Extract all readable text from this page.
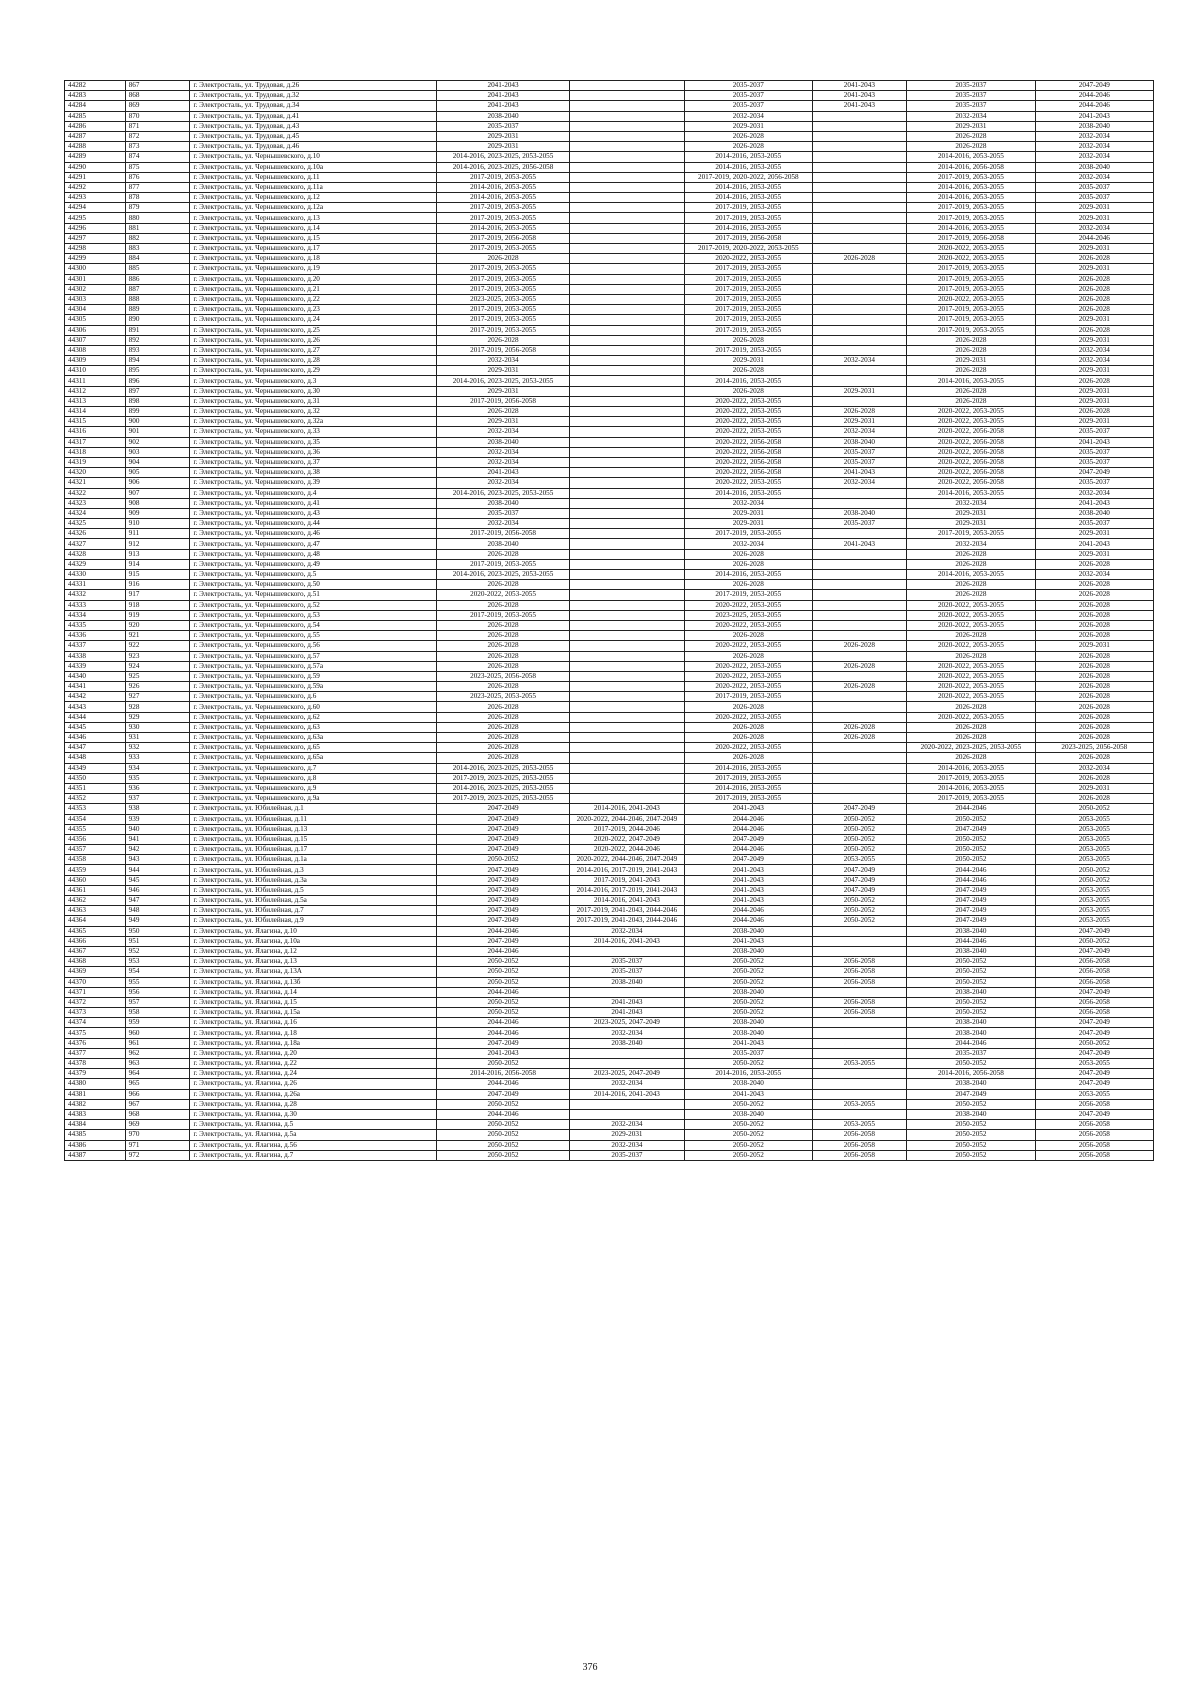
44282	867	г. Электросталь, ул. Трудовая, д.26	2041-2043		2035-2037	2041-2043	2035-2037	2047-2049
44283	868	г. Электросталь, ул. Трудовая, д.32	2041-2043		2035-2037	2041-2043	2035-2037	2044-2046
44284	869	г. Электросталь, ул. Трудовая, д.34	2041-2043		2035-2037	2041-2043	2035-2037	2044-2046
44285	870	г. Электросталь, ул. Трудовая, д.41	2038-2040		2032-2034		2032-2034	2041-2043
44286	871	г. Электросталь, ул. Трудовая, д.43	2035-2037		2029-2031		2029-2031	2038-2040
44287	872	г. Электросталь, ул. Трудовая, д.45	2029-2031		2026-2028		2026-2028	2032-2034
44288	873	г. Электросталь, ул. Трудовая, д.46	2029-2031		2026-2028		2026-2028	2032-2034
44289	874	г. Электросталь, ул. Чернышевского, д.10	2014-2016, 2023-2025, 2053-2055		2014-2016, 2053-2055		2014-2016, 2053-2055	2032-2034
44290	875	г. Электросталь, ул. Чернышевского, д.10а	2014-2016, 2023-2025, 2056-2058		2014-2016, 2053-2055		2014-2016, 2056-2058	2038-2040
44291	876	г. Электросталь, ул. Чернышевского, д.11	2017-2019, 2053-2055		2017-2019, 2020-2022, 2056-2058		2017-2019, 2053-2055	2032-2034
44292	877	г. Электросталь, ул. Чернышевского, д.11а	2014-2016, 2053-2055		2014-2016, 2053-2055		2014-2016, 2053-2055	2035-2037
44293	878	г. Электросталь, ул. Чернышевского, д.12	2014-2016, 2053-2055		2014-2016, 2053-2055		2014-2016, 2053-2055	2035-2037
44294	879	г. Электросталь, ул. Чернышевского, д.12а	2017-2019, 2053-2055		2017-2019, 2053-2055		2017-2019, 2053-2055	2029-2031
44295	880	г. Электросталь, ул. Чернышевского, д.13	2017-2019, 2053-2055		2017-2019, 2053-2055		2017-2019, 2053-2055	2029-2031
44296	881	г. Электросталь, ул. Чернышевского, д.14	2014-2016, 2053-2055		2014-2016, 2053-2055		2014-2016, 2053-2055	2032-2034
44297	882	г. Электросталь, ул. Чернышевского, д.15	2017-2019, 2056-2058		2017-2019, 2056-2058		2017-2019, 2056-2058	2044-2046
44298	883	г. Электросталь, ул. Чернышевского, д.17	2017-2019, 2053-2055		2017-2019, 2020-2022, 2053-2055		2020-2022, 2053-2055	2029-2031
44299	884	г. Электросталь, ул. Чернышевского, д.18	2026-2028		2020-2022, 2053-2055	2026-2028	2020-2022, 2053-2055	2026-2028
44300	885	г. Электросталь, ул. Чернышевского, д.19	2017-2019, 2053-2055		2017-2019, 2053-2055		2017-2019, 2053-2055	2029-2031
44301	886	г. Электросталь, ул. Чернышевского, д.20	2017-2019, 2053-2055		2017-2019, 2053-2055		2017-2019, 2053-2055	2026-2028
44302	887	г. Электросталь, ул. Чернышевского, д.21	2017-2019, 2053-2055		2017-2019, 2053-2055		2017-2019, 2053-2055	2026-2028
44303	888	г. Электросталь, ул. Чернышевского, д.22	2023-2025, 2053-2055		2017-2019, 2053-2055		2020-2022, 2053-2055	2026-2028
44304	889	г. Электросталь, ул. Чернышевского, д.23	2017-2019, 2053-2055		2017-2019, 2053-2055		2017-2019, 2053-2055	2026-2028
44305	890	г. Электросталь, ул. Чернышевского, д.24	2017-2019, 2053-2055		2017-2019, 2053-2055		2017-2019, 2053-2055	2029-2031
44306	891	г. Электросталь, ул. Чернышевского, д.25	2017-2019, 2053-2055		2017-2019, 2053-2055		2017-2019, 2053-2055	2026-2028
44307	892	г. Электросталь, ул. Чернышевского, д.26	2026-2028		2026-2028		2026-2028	2029-2031
44308	893	г. Электросталь, ул. Чернышевского, д.27	2017-2019, 2056-2058		2017-2019, 2053-2055		2026-2028	2032-2034
44309	894	г. Электросталь, ул. Чернышевского, д.28	2032-2034		2029-2031	2032-2034	2029-2031	2032-2034
44310	895	г. Электросталь, ул. Чернышевского, д.29	2029-2031		2026-2028		2026-2028	2029-2031
44311	896	г. Электросталь, ул. Чернышевского, д.3	2014-2016, 2023-2025, 2053-2055		2014-2016, 2053-2055		2014-2016, 2053-2055	2026-2028
44312	897	г. Электросталь, ул. Чернышевского, д.30	2029-2031		2026-2028	2029-2031	2026-2028	2029-2031
44313	898	г. Электросталь, ул. Чернышевского, д.31	2017-2019, 2056-2058		2020-2022, 2053-2055		2026-2028	2029-2031
44314	899	г. Электросталь, ул. Чернышевского, д.32	2026-2028		2020-2022, 2053-2055	2026-2028	2020-2022, 2053-2055	2026-2028
44315	900	г. Электросталь, ул. Чернышевского, д.32а	2029-2031		2020-2022, 2053-2055	2029-2031	2020-2022, 2053-2055	2029-2031
44316	901	г. Электросталь, ул. Чернышевского, д.33	2032-2034		2020-2022, 2053-2055	2032-2034	2020-2022, 2056-2058	2035-2037
44317	902	г. Электросталь, ул. Чернышевского, д.35	2038-2040		2020-2022, 2056-2058	2038-2040	2020-2022, 2056-2058	2041-2043
44318	903	г. Электросталь, ул. Чернышевского, д.36	2032-2034		2020-2022, 2056-2058	2035-2037	2020-2022, 2056-2058	2035-2037
44319	904	г. Электросталь, ул. Чернышевского, д.37	2032-2034		2020-2022, 2056-2058	2035-2037	2020-2022, 2056-2058	2035-2037
44320	905	г. Электросталь, ул. Чернышевского, д.38	2041-2043		2020-2022, 2056-2058	2041-2043	2020-2022, 2056-2058	2047-2049
44321	906	г. Электросталь, ул. Чернышевского, д.39	2032-2034		2020-2022, 2053-2055	2032-2034	2020-2022, 2056-2058	2035-2037
44322	907	г. Электросталь, ул. Чернышевского, д.4	2014-2016, 2023-2025, 2053-2055		2014-2016, 2053-2055		2014-2016, 2053-2055	2032-2034
44323	908	г. Электросталь, ул. Чернышевского, д.41	2038-2040		2032-2034		2032-2034	2041-2043
44324	909	г. Электросталь, ул. Чернышевского, д.43	2035-2037		2029-2031	2038-2040	2029-2031	2038-2040
44325	910	г. Электросталь, ул. Чернышевского, д.44	2032-2034		2029-2031	2035-2037	2029-2031	2035-2037
44326	911	г. Электросталь, ул. Чернышевского, д.46	2017-2019, 2056-2058		2017-2019, 2053-2055		2017-2019, 2053-2055	2029-2031
44327	912	г. Электросталь, ул. Чернышевского, д.47	2038-2040		2032-2034	2041-2043	2032-2034	2041-2043
44328	913	г. Электросталь, ул. Чернышевского, д.48	2026-2028		2026-2028		2026-2028	2029-2031
44329	914	г. Электросталь, ул. Чернышевского, д.49	2017-2019, 2053-2055		2026-2028		2026-2028	2026-2028
44330	915	г. Электросталь, ул. Чернышевского, д.5	2014-2016, 2023-2025, 2053-2055		2014-2016, 2053-2055		2014-2016, 2053-2055	2032-2034
44331	916	г. Электросталь, ул. Чернышевского, д.50	2026-2028		2026-2028		2026-2028	2026-2028
44332	917	г. Электросталь, ул. Чернышевского, д.51	2020-2022, 2053-2055		2017-2019, 2053-2055		2026-2028	2026-2028
44333	918	г. Электросталь, ул. Чернышевского, д.52	2026-2028		2020-2022, 2053-2055		2020-2022, 2053-2055	2026-2028
44334	919	г. Электросталь, ул. Чернышевского, д.53	2017-2019, 2053-2055		2023-2025, 2053-2055		2020-2022, 2053-2055	2026-2028
44335	920	г. Электросталь, ул. Чернышевского, д.54	2026-2028		2020-2022, 2053-2055		2020-2022, 2053-2055	2026-2028
44336	921	г. Электросталь, ул. Чернышевского, д.55	2026-2028		2026-2028		2026-2028	2026-2028
44337	922	г. Электросталь, ул. Чернышевского, д.56	2026-2028		2020-2022, 2053-2055	2026-2028	2020-2022, 2053-2055	2029-2031
44338	923	г. Электросталь, ул. Чернышевского, д.57	2026-2028		2026-2028		2026-2028	2026-2028
44339	924	г. Электросталь, ул. Чернышевского, д.57а	2026-2028		2020-2022, 2053-2055	2026-2028	2020-2022, 2053-2055	2026-2028
44340	925	г. Электросталь, ул. Чернышевского, д.59	2023-2025, 2056-2058		2020-2022, 2053-2055		2020-2022, 2053-2055	2026-2028
44341	926	г. Электросталь, ул. Чернышевского, д.59а	2026-2028		2020-2022, 2053-2055	2026-2028	2020-2022, 2053-2055	2026-2028
44342	927	г. Электросталь, ул. Чернышевского, д.6	2023-2025, 2053-2055		2017-2019, 2053-2055		2020-2022, 2053-2055	2026-2028
44343	928	г. Электросталь, ул. Чернышевского, д.60	2026-2028		2026-2028		2026-2028	2026-2028
44344	929	г. Электросталь, ул. Чернышевского, д.62	2026-2028		2020-2022, 2053-2055		2020-2022, 2053-2055	2026-2028
44345	930	г. Электросталь, ул. Чернышевского, д.63	2026-2028		2026-2028	2026-2028	2026-2028	2026-2028
44346	931	г. Электросталь, ул. Чернышевского, д.63а	2026-2028		2026-2028	2026-2028	2026-2028	2026-2028
44347	932	г. Электросталь, ул. Чернышевского, д.65	2026-2028		2020-2022, 2053-2055		2020-2022, 2023-2025, 2053-2055	2023-2025, 2056-2058
44348	933	г. Электросталь, ул. Чернышевского, д.65а	2026-2028		2026-2028		2026-2028	2026-2028
44349	934	г. Электросталь, ул. Чернышевского, д.7	2014-2016, 2023-2025, 2053-2055		2014-2016, 2053-2055		2014-2016, 2053-2055	2032-2034
44350	935	г. Электросталь, ул. Чернышевского, д.8	2017-2019, 2023-2025, 2053-2055		2017-2019, 2053-2055		2017-2019, 2053-2055	2026-2028
44351	936	г. Электросталь, ул. Чернышевского, д.9	2014-2016, 2023-2025, 2053-2055		2014-2016, 2053-2055		2014-2016, 2053-2055	2029-2031
44352	937	г. Электросталь, ул. Чернышевского, д.9а	2017-2019, 2023-2025, 2053-2055		2017-2019, 2053-2055		2017-2019, 2053-2055	2026-2028
44353	938	г. Электросталь, ул. Юбилейная, д.1	2047-2049	2014-2016, 2041-2043	2041-2043	2047-2049	2044-2046	2050-2052
44354	939	г. Электросталь, ул. Юбилейная, д.11	2047-2049	2020-2022, 2044-2046, 2047-2049	2044-2046	2050-2052	2050-2052	2053-2055
44355	940	г. Электросталь, ул. Юбилейная, д.13	2047-2049	2017-2019, 2044-2046	2044-2046	2050-2052	2047-2049	2053-2055
44356	941	г. Электросталь, ул. Юбилейная, д.15	2047-2049	2020-2022, 2047-2049	2047-2049	2050-2052	2050-2052	2053-2055
44357	942	г. Электросталь, ул. Юбилейная, д.17	2047-2049	2020-2022, 2044-2046	2044-2046	2050-2052	2050-2052	2053-2055
44358	943	г. Электросталь, ул. Юбилейная, д.1а	2050-2052	2020-2022, 2044-2046, 2047-2049	2047-2049	2053-2055	2050-2052	2053-2055
44359	944	г. Электросталь, ул. Юбилейная, д.3	2047-2049	2014-2016, 2017-2019, 2041-2043	2041-2043	2047-2049	2044-2046	2050-2052
44360	945	г. Электросталь, ул. Юбилейная, д.3а	2047-2049	2017-2019, 2041-2043	2041-2043	2047-2049	2044-2046	2050-2052
44361	946	г. Электросталь, ул. Юбилейная, д.5	2047-2049	2014-2016, 2017-2019, 2041-2043	2041-2043	2047-2049	2047-2049	2053-2055
44362	947	г. Электросталь, ул. Юбилейная, д.5а	2047-2049	2014-2016, 2041-2043	2041-2043	2050-2052	2047-2049	2053-2055
44363	948	г. Электросталь, ул. Юбилейная, д.7	2047-2049	2017-2019, 2041-2043, 2044-2046	2044-2046	2050-2052	2047-2049	2053-2055
44364	949	г. Электросталь, ул. Юбилейная, д.9	2047-2049	2017-2019, 2041-2043, 2044-2046	2044-2046	2050-2052	2047-2049	2053-2055
44365	950	г. Электросталь, ул. Ялагина, д.10	2044-2046	2032-2034	2038-2040		2038-2040	2047-2049
44366	951	г. Электросталь, ул. Ялагина, д.10а	2047-2049	2014-2016, 2041-2043	2041-2043		2044-2046	2050-2052
44367	952	г. Электросталь, ул. Ялагина, д.12	2044-2046		2038-2040		2038-2040	2047-2049
44368	953	г. Электросталь, ул. Ялагина, д.13	2050-2052	2035-2037	2050-2052	2056-2058	2050-2052	2056-2058
44369	954	г. Электросталь, ул. Ялагина, д.13А	2050-2052	2035-2037	2050-2052	2056-2058	2050-2052	2056-2058
44370	955	г. Электросталь, ул. Ялагина, д.13б	2050-2052	2038-2040	2050-2052	2056-2058	2050-2052	2056-2058
44371	956	г. Электросталь, ул. Ялагина, д.14	2044-2046		2038-2040		2038-2040	2047-2049
44372	957	г. Электросталь, ул. Ялагина, д.15	2050-2052	2041-2043	2050-2052	2056-2058	2050-2052	2056-2058
44373	958	г. Электросталь, ул. Ялагина, д.15а	2050-2052	2041-2043	2050-2052	2056-2058	2050-2052	2056-2058
44374	959	г. Электросталь, ул. Ялагина, д.16	2044-2046	2023-2025, 2047-2049	2038-2040		2038-2040	2047-2049
44375	960	г. Электросталь, ул. Ялагина, д.18	2044-2046	2032-2034	2038-2040		2038-2040	2047-2049
44376	961	г. Электросталь, ул. Ялагина, д.18а	2047-2049	2038-2040	2041-2043		2044-2046	2050-2052
44377	962	г. Электросталь, ул. Ялагина, д.20	2041-2043		2035-2037		2035-2037	2047-2049
44378	963	г. Электросталь, ул. Ялагина, д.22	2050-2052		2050-2052	2053-2055	2050-2052	2053-2055
44379	964	г. Электросталь, ул. Ялагина, д.24	2014-2016, 2056-2058	2023-2025, 2047-2049	2014-2016, 2053-2055		2014-2016, 2056-2058	2047-2049
44380	965	г. Электросталь, ул. Ялагина, д.26	2044-2046	2032-2034	2038-2040		2038-2040	2047-2049
44381	966	г. Электросталь, ул. Ялагина, д.26а	2047-2049	2014-2016, 2041-2043	2041-2043		2047-2049	2053-2055
44382	967	г. Электросталь, ул. Ялагина, д.28	2050-2052		2050-2052	2053-2055	2050-2052	2056-2058
44383	968	г. Электросталь, ул. Ялагина, д.30	2044-2046		2038-2040		2038-2040	2047-2049
44384	969	г. Электросталь, ул. Ялагина, д.5	2050-2052	2032-2034	2050-2052	2053-2055	2050-2052	2056-2058
44385	970	г. Электросталь, ул. Ялагина, д.5а	2050-2052	2029-2031	2050-2052	2056-2058	2050-2052	2056-2058
44386	971	г. Электросталь, ул. Ялагина, д.56	2050-2052	2032-2034	2050-2052	2056-2058	2050-2052	2056-2058
44387	972	г. Электросталь, ул. Ялагина, д.7	2050-2052	2035-2037	2050-2052	2056-2058	2050-2052	2056-2058
376
